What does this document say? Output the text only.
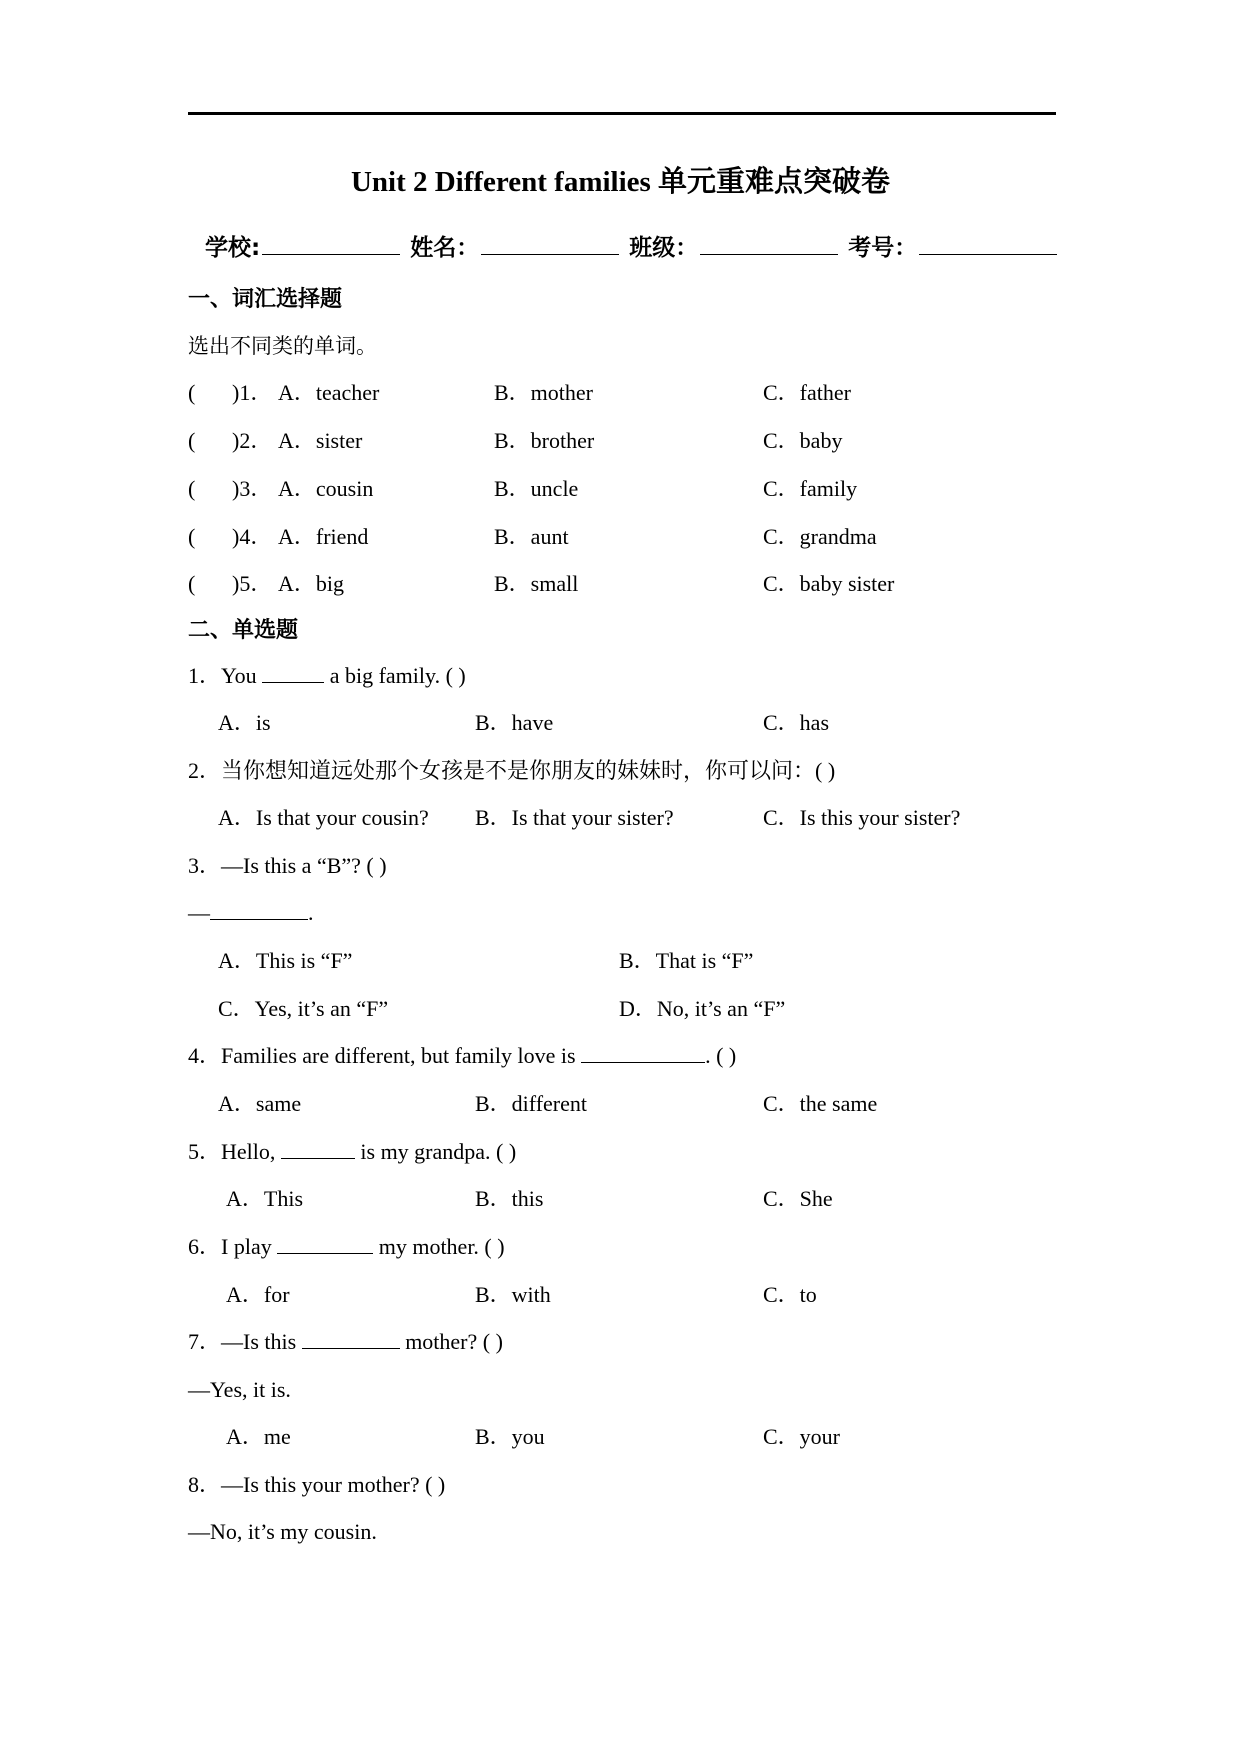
Unit 2 Different families 单元重难点突破卷
学校:	姓名：	班级：	考号：
一、词汇选择题
选出不同类的单词。
( )1． A．teacher	B．mother	C．father
( )2． A．sister	B．brother	C．baby
( )3． A．cousin	B．uncle	C．family
( )4． A．friend	B．aunt	C．grandma
( )5． A．big	B．small	C．baby sister
二、单选题
1．You	a big family. ( )
A．is	B．have	C．has
2．当你想知道远处那个女孩是不是你朋友的妹妹时，你可以问：( )
A．Is that your cousin? B．Is that your sister?	C．Is this your sister?
3．—Is this a “B”? ( )
—	.
A．This is “F”	B．That is “F”
C．Yes, it’s an “F”	D．No, it’s an “F”
4．Families are different, but family love is	. ( )
A．same	B．different	C．the same
5．Hello,	is my grandpa. ( )
A．This	B．this	C．She
6．I play	my mother. ( )
A．for	B．with	C．to
7．—Is this	mother? ( )
—Yes, it is.
A．me	B．you	C．your
8．—Is this your mother? ( )
—No, it’s my cousin.
